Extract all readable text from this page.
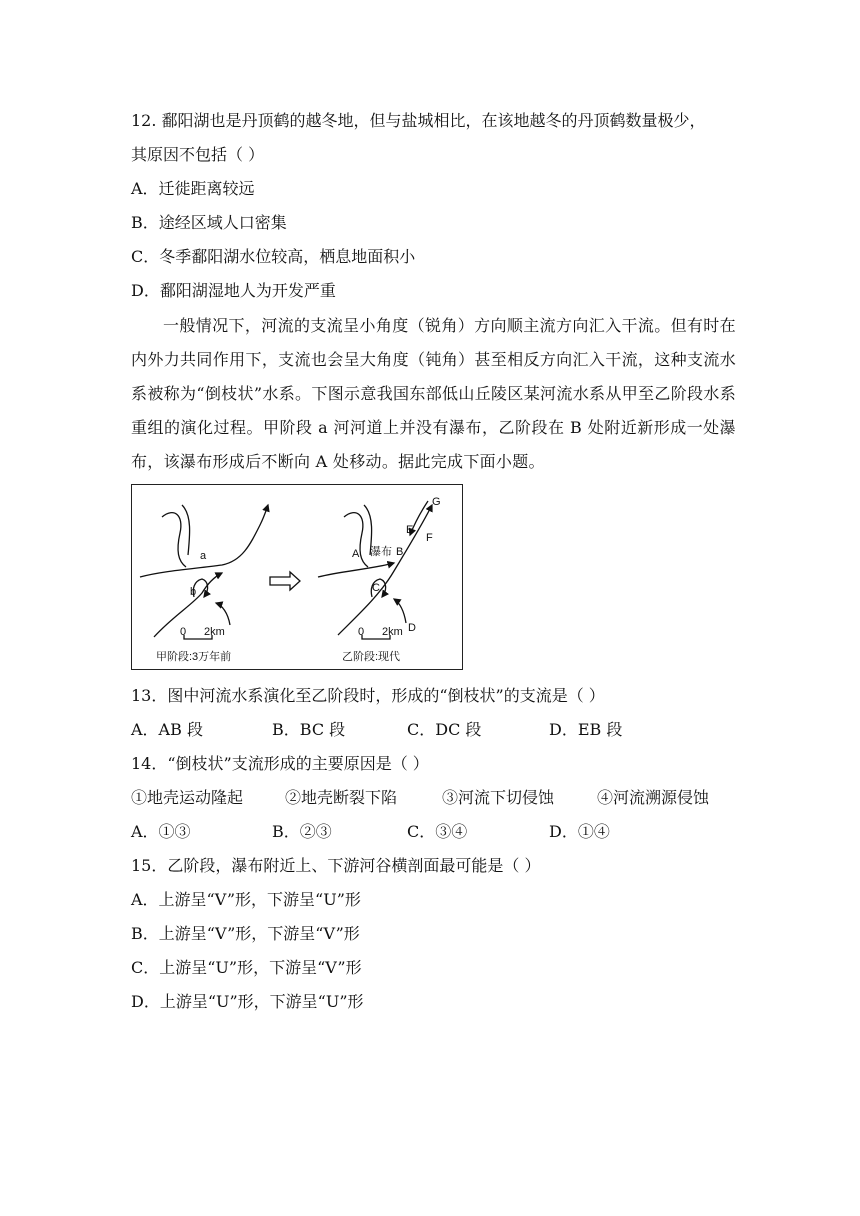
12. 鄱阳湖也是丹顶鹤的越冬地，但与盐城相比，在该地越冬的丹顶鹤数量极少，
其原因不包括（ ）
A．迁徙距离较远
B．途经区域人口密集
C．冬季鄱阳湖水位较高，栖息地面积小
D．鄱阳湖湿地人为开发严重
一般情况下，河流的支流呈小角度（锐角）方向顺主流方向汇入干流。但有时在内外力共同作用下，支流也会呈大角度（钝角）甚至相反方向汇入干流，这种支流水系被称为“倒枝状”水系。下图示意我国东部低山丘陵区某河流水系从甲至乙阶段水系重组的演化过程。甲阶段 a 河河道上并没有瀑布，乙阶段在 B 处附近新形成一处瀑布，该瀑布形成后不断向 A 处移动。据此完成下面小题。
a
b
0 2km
甲阶段:3万年前
A 瀑布 B
C
D
E
F
G
0 2km
乙阶段:现代
13．图中河流水系演化至乙阶段时，形成的“倒枝状”的支流是（ ）
A．AB 段	B．BC 段	C．DC 段	D．EB 段
14．“倒枝状”支流形成的主要原因是（ ）
①地壳运动隆起	②地壳断裂下陷	③河流下切侵蚀	④河流溯源侵蚀
A．①③	B．②③	C．③④	D．①④
15．乙阶段，瀑布附近上、下游河谷横剖面最可能是（ ）
A．上游呈“V”形，下游呈“U”形
B．上游呈“V”形，下游呈“V”形
C．上游呈“U”形，下游呈“V”形
D．上游呈“U”形，下游呈“U”形
